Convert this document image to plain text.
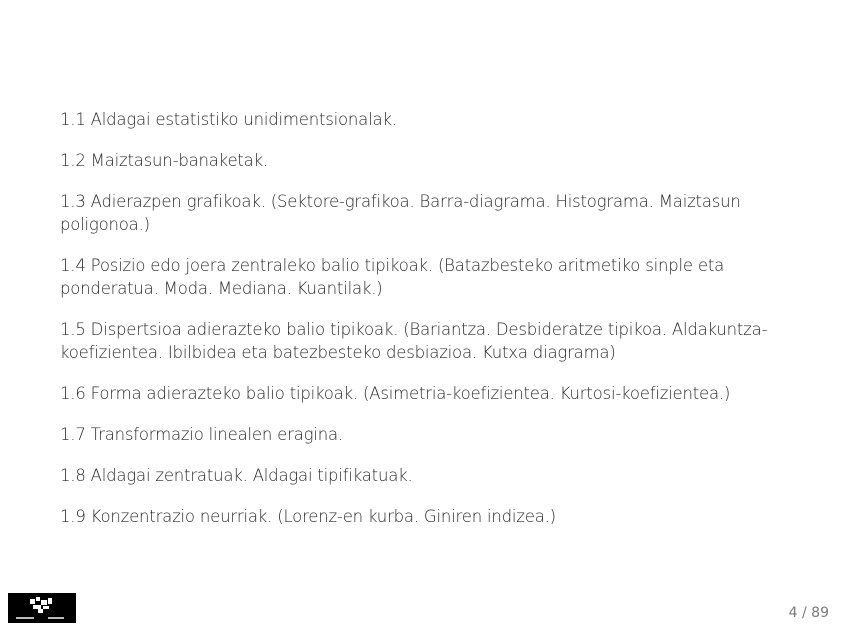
1.1 Aldagai estatistiko unidimentsionalak.

1.2 Maiztasun-banaketak.

1.3 Adierazpen grafikoak. (Sektore-grafikoa. Barra-diagrama. Histograma. Maiztasun poligonoa.)

1.4 Posizio edo joera zentraleko balio tipikoak. (Batazbesteko aritmetiko sinple eta ponderatua. Moda. Mediana. Kuantilak.)

1.5 Dispertsioa adierazteko balio tipikoak. (Bariantza. Desbideratze tipikoa. Aldakuntza-koefizientea. Ibilbidea eta batezbesteko desbiazioa. Kutxa diagrama)

1.6 Forma adierazteko balio tipikoak. (Asimetria-koefizientea. Kurtosi-koefizientea.)

1.7 Transformazio linealen eragina.

1.8 Aldagai zentratuak. Aldagai tipifikatuak.

1.9 Konzentrazio neurriak. (Lorenz-en kurba. Giniren indizea.)

4 / 89
